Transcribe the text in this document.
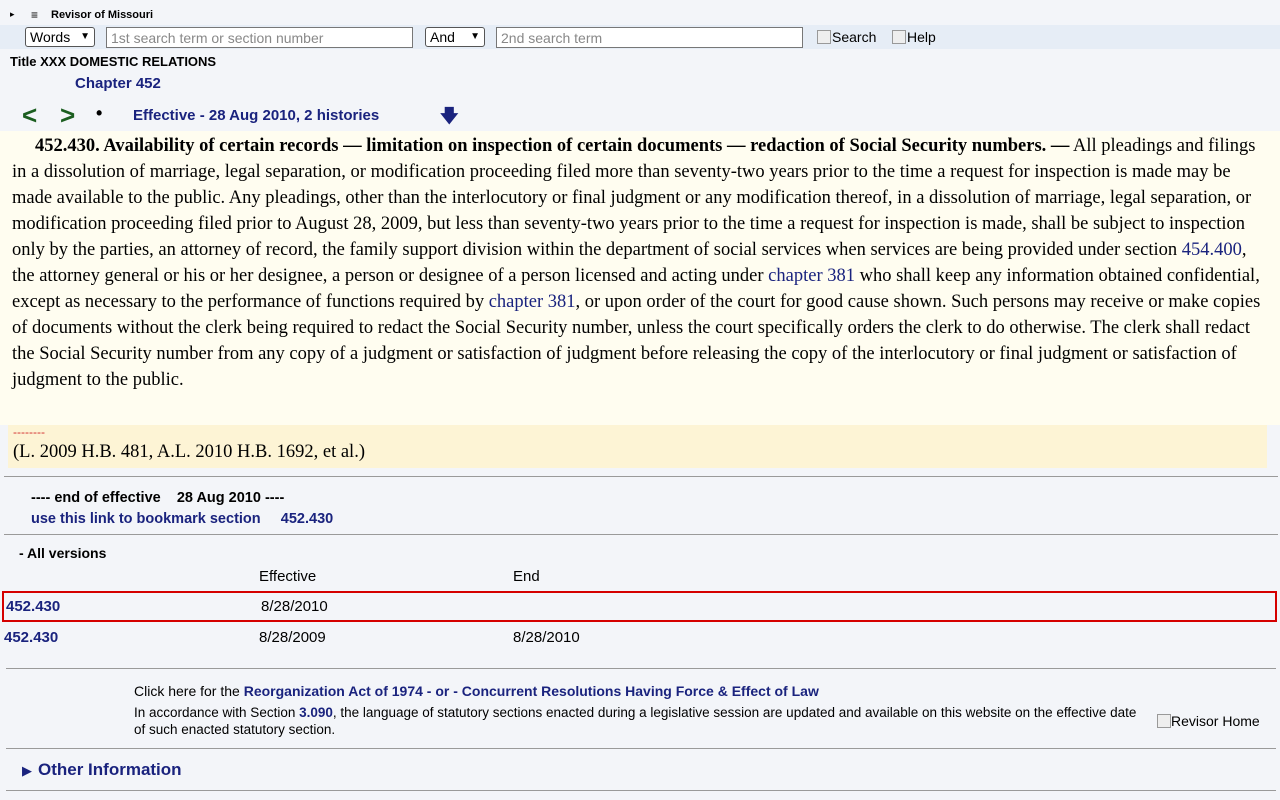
▸ ≡ Revisor of Missouri
Words ▼	1st search term or section number	And ▼	2nd search term	Search	Help
Title XXX DOMESTIC RELATIONS
Chapter 452
< > • Effective - 28 Aug 2010, 2 histories	🡇

452.430. Availability of certain records — limitation on inspection of certain documents — redaction of Social Security numbers. — All pleadings and filings in a dissolution of marriage, legal separation, or modification proceeding filed more than seventy-two years prior to the time a request for inspection is made may be made available to the public. Any pleadings, other than the interlocutory or final judgment or any modification thereof, in a dissolution of marriage, legal separation, or modification proceeding filed prior to August 28, 2009, but less than seventy-two years prior to the time a request for inspection is made, shall be subject to inspection only by the parties, an attorney of record, the family support division within the department of social services when services are being provided under section 454.400, the attorney general or his or her designee, a person or designee of a person licensed and acting under chapter 381 who shall keep any information obtained confidential, except as necessary to the performance of functions required by chapter 381, or upon order of the court for good cause shown. Such persons may receive or make copies of documents without the clerk being required to redact the Social Security number, unless the court specifically orders the clerk to do otherwise. The clerk shall redact the Social Security number from any copy of a judgment or satisfaction of judgment before releasing the copy of the interlocutory or final judgment or satisfaction of judgment to the public.

--------
(L. 2009 H.B. 481, A.L. 2010 H.B. 1692, et al.)
---- end of effective 28 Aug 2010 ----
use this link to bookmark section 452.430
- All versions
Effective	End
452.430	8/28/2010
452.430	8/28/2009	8/28/2010
Click here for the Reorganization Act of 1974 - or - Concurrent Resolutions Having Force & Effect of Law
In accordance with Section 3.090, the language of statutory sections enacted during a legislative session are updated and available on this website on the effective date of such enacted statutory section.
Revisor Home
▶ Other Information
